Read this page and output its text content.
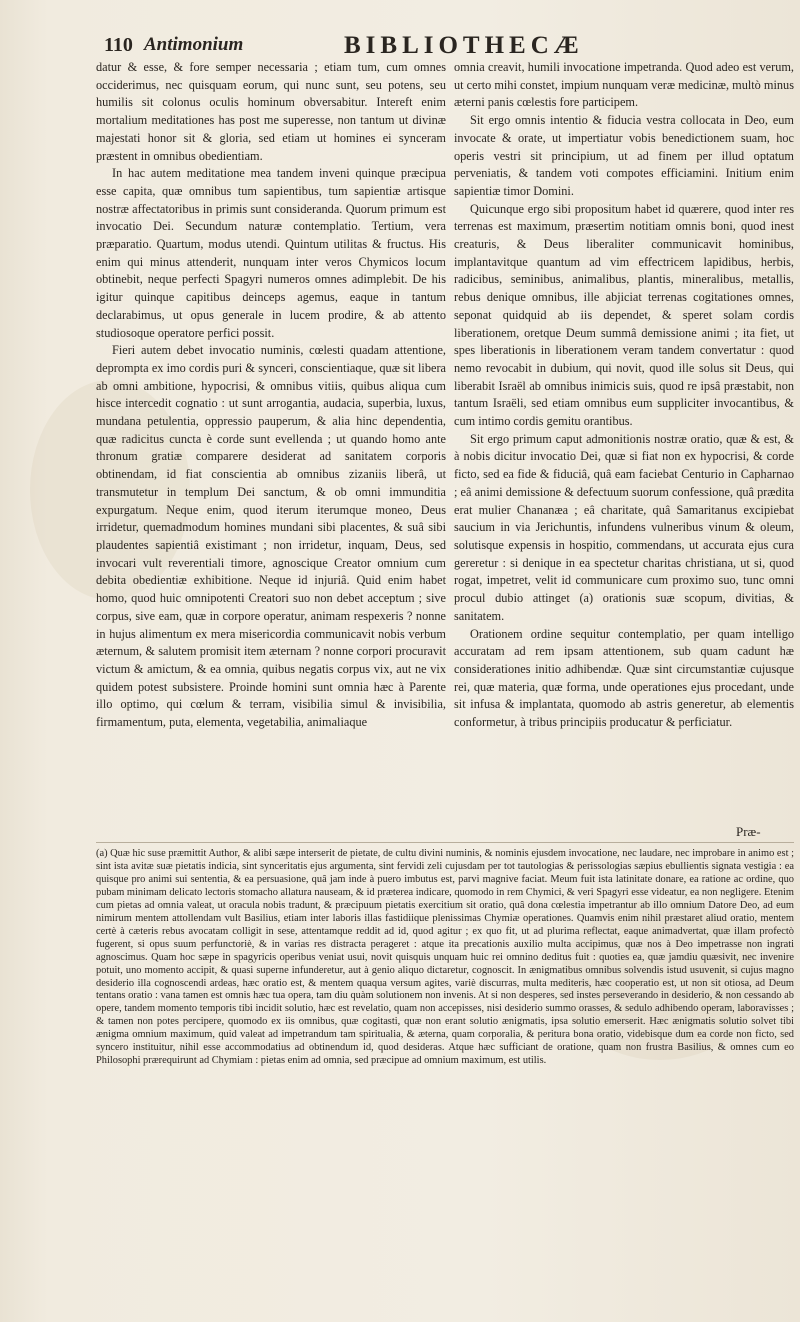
110 Antimonium	BIBLIOTHECÆ

datur & esse, & fore semper necessaria ; etiam tum, cum omnes occiderimus, nec quisquam eorum, qui nunc sunt, seu potens, seu humilis sit colonus oculis hominum obversabitur. Intereft enim mortalium meditationes has post me superesse, non tantum ut divinæ majestati honor sit & gloria, sed etiam ut homines ei synceram præstent in omnibus obedientiam.

In hac autem meditatione mea tandem inveni quinque præcipua esse capita, quæ omnibus tum sapientibus, tum sapientiæ artisque nostræ affectatoribus in primis sunt consideranda. Quorum primum est invocatio Dei. Secundum naturæ contemplatio. Tertium, vera præparatio. Quartum, modus utendi. Quintum utilitas & fructus. His enim qui minus attenderit, nunquam inter veros Chymicos locum obtinebit, neque perfecti Spagyri numeros omnes adimplebit. De his igitur quinque capitibus deinceps agemus, eaque in tantum declarabimus, ut opus generale in lucem prodire, & ab attento studiosoque operatore perfici possit.

Fieri autem debet invocatio numinis, cœlesti quadam attentione, deprompta ex imo cordis puri & synceri, conscientiaque, quæ sit libera ab omni ambitione, hypocrisi, & omnibus vitiis, quibus aliqua cum hisce intercedit cognatio : ut sunt arrogantia, audacia, superbia, luxus, mundana petulentia, oppressio pauperum, & alia hinc dependentia, quæ radicitus cuncta è corde sunt evellenda ; ut quando homo ante thronum gratiæ comparere desiderat ad sanitatem corporis obtinendam, id fiat conscientia ab omnibus zizaniis liberâ, ut transmutetur in templum Dei sanctum, & ob omni immunditia expurgatum. Neque enim, quod iterum iterumque moneo, Deus irridetur, quemadmodum homines mundani sibi placentes, & suâ sibi plaudentes sapientiâ existimant ; non irridetur, inquam, Deus, sed invocari vult reverentiali timore, agnoscique Creator omnium cum debita obedientiæ exhibitione. Neque id injuriâ. Quid enim habet homo, quod huic omnipotenti Creatori suo non debet acceptum ; sive corpus, sive eam, quæ in corpore operatur, animam respexeris ? nonne in hujus alimentum ex mera misericordia communicavit nobis verbum æternum, & salutem promisit item æternam ? nonne corpori procuravit victum & amictum, & ea omnia, quibus negatis corpus vix, aut ne vix quidem potest subsistere. Proinde homini sunt omnia hæc à Parente illo optimo, qui cœlum & terram, visibilia simul & invisibilia, firmamentum, puta, elementa, vegetabilia, animaliaque

omnia creavit, humili invocatione impetranda. Quod adeo est verum, ut certo mihi constet, impium nunquam veræ medicinæ, multò minus æterni panis cœlestis fore participem.

Sit ergo omnis intentio & fiducia vestra collocata in Deo, eum invocate & orate, ut impertiatur vobis benedictionem suam, hoc operis vestri sit principium, ut ad finem per illud optatum perveniatis, & tandem voti compotes efficiamini. Initium enim sapientiæ timor Domini.

Quicunque ergo sibi propositum habet id quærere, quod inter res terrenas est maximum, præsertim notitiam omnis boni, quod inest creaturis, & Deus liberaliter communicavit hominibus, implantavitque quantum ad vim effectricem lapidibus, herbis, radicibus, seminibus, animalibus, plantis, mineralibus, metallis, rebus denique omnibus, ille abjiciat terrenas cogitationes omnes, seponat quidquid ab iis dependet, & speret solam cordis liberationem, oretque Deum summâ demissione animi ; ita fiet, ut spes liberationis in liberationem veram tandem convertatur : quod nemo revocabit in dubium, qui novit, quod ille solus sit Deus, qui liberabit Israël ab omnibus inimicis suis, quod re ipsâ præstabit, non tantum Israëli, sed etiam omnibus eum suppliciter invocantibus, & cum intimo cordis gemitu orantibus.

Sit ergo primum caput admonitionis nostræ oratio, quæ & est, & à nobis dicitur invocatio Dei, quæ si fiat non ex hypocrisi, & corde ficto, sed ea fide & fiduciâ, quâ eam faciebat Centurio in Capharnao ; eâ animi demissione & defectuum suorum confessione, quâ prædita erat mulier Chananæa ; eâ charitate, quâ Samaritanus excipiebat saucium in via Jerichuntis, infundens vulneribus vinum & oleum, solutisque expensis in hospitio, commendans, ut accurata ejus cura gereretur : si denique in ea spectetur charitas christiana, ut si, quod rogat, impetret, velit id communicare cum proximo suo, tunc omni procul dubio attinget (a) orationis suæ scopum, divitias, & sanitatem.

Orationem ordine sequitur contemplatio, per quam intelligo accuratam ad rem ipsam attentionem, sub quam cadunt hæ considerationes initio adhibendæ. Quæ sint circumstantiæ cujusque rei, quæ materia, quæ forma, unde operationes ejus procedant, unde sit infusa & implantata, quomodo ab astris generetur, ab elementis conformetur, à tribus principiis producatur & perficiatur.

Præ-

(a) Quæ hic suse præmittit Author, & alibi sæpe interserit de pietate, de cultu divini numinis, & nominis ejusdem invocatione, nec laudare, nec improbare in animo est ; sint ista avitæ suæ pietatis indicia, sint synceritatis ejus argumenta, sint fervidi zeli cujusdam per tot tautologias & perissologias sæpius ebullientis signata vestigia : ea quisque pro animi sui sententia, & ea persuasione, quâ jam inde à puero imbutus est, parvi magnive faciat. Meum fuit ista latinitate donare, ea ratione ac ordine, quo pubam minimam delicato lectoris stomacho allatura nauseam, & id præterea indicare, quomodo in rem Chymici, & veri Spagyri esse videatur, ea non negligere. Etenim cum pietas ad omnia valeat, ut oracula nobis tradunt, & præcipuum pietatis exercitium sit oratio, quâ dona cœlestia impetrantur ab illo omnium Datore Deo, ad eum nimirum mentem attollendam vult Basilius, etiam inter laboris illas fastidiique plenissimas Chymiæ operationes. Quamvis enim nihil præstaret aliud oratio, mentem certè à cæteris rebus avocatam colligit in sese, attentamque reddit ad id, quod agitur ; ex quo fit, ut ad plurima reflectat, eaque animadvertat, quæ illam profectò fugerent, si opus suum perfunctoriè, & in varias res distracta perageret : atque ita precationis auxilio multa accipimus, quæ nos à Deo impetrasse non ingrati agnoscimus. Quam hoc sæpe in spagyricis operibus veniat usui, novit quisquis unquam huic rei omnino deditus fuit : quoties ea, quæ jamdiu quæsivit, nec invenire potuit, uno momento accipit, & quasi superne infunderetur, aut à genio aliquo dictaretur, cognoscit. In ænigmatibus omnibus solvendis istud usuvenit, si cujus magno desiderio illa cognoscendi ardeas, hæc oratio est, & mentem quaqua versum agites, variè discurras, multa mediteris, hæc cooperatio est, ut non sit otiosa, ad Deum tentans oratio : vana tamen est omnis hæc tua opera, tam diu quàm solutionem non invenis. At si non desperes, sed instes perseverando in desiderio, & non cessando ab opere, tandem momento temporis tibi incidit solutio, hæc est revelatio, quam non accepisses, nisi desiderio summo orasses, & sedulo adhibendo operam, laboravisses ; & tamen non potes percipere, quomodo ex iis omnibus, quæ cogitasti, quæ non erant solutio ænigmatis, ipsa solutio emerserit. Hæc ænigmatis solutio solvet tibi ænigma omnium maximum, quid valeat ad impetrandum tam spiritualia, & æterna, quam corporalia, & peritura bona oratio, videbisque dum ea corde non ficto, sed syncero instituitur, nihil esse accommodatius ad obtinendum id, quod desideras. Atque hæc sufficiant de oratione, quam non frustra Basilius, & omnes cum eo Philosophi prærequirunt ad Chymiam : pietas enim ad omnia, sed præcipue ad omnium maximum, est utilis.
